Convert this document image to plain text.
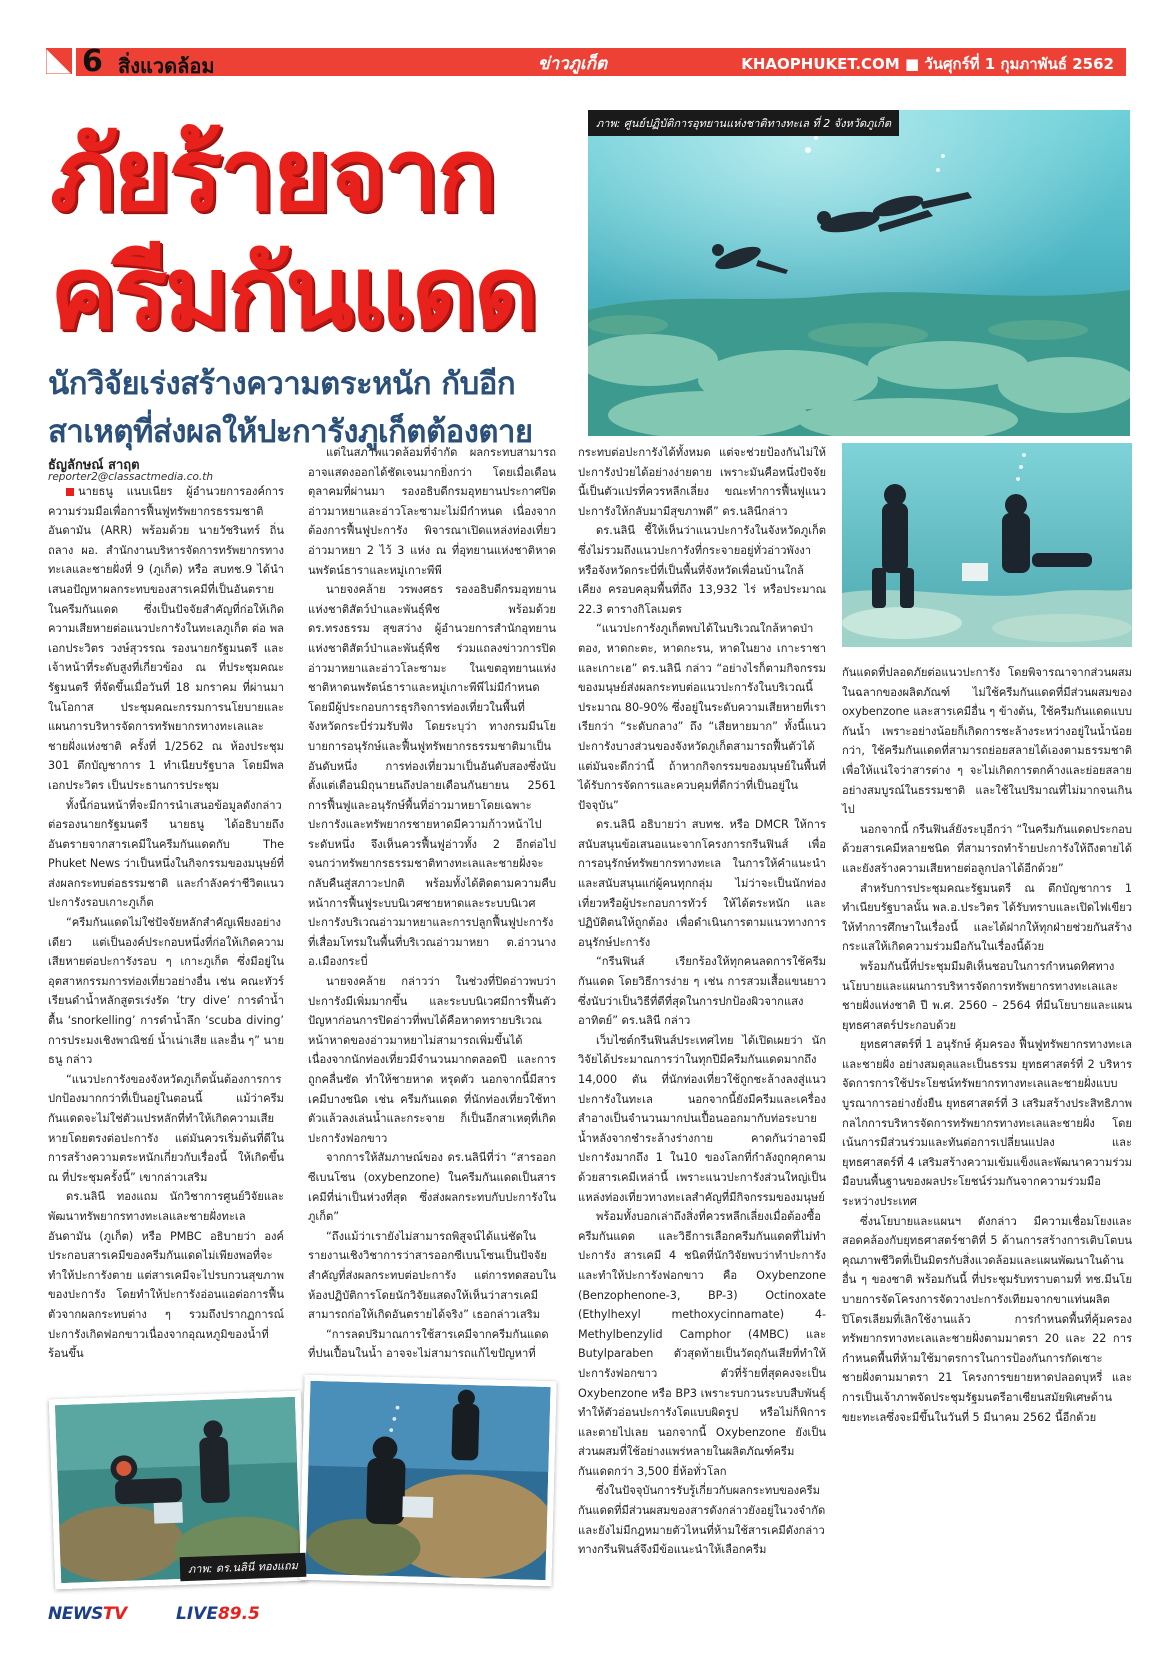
6 สิ่งแวดล้อม	ข่าวภูเก็ต	KHAOPHUKET.COM ■ วันศุกร์ที่ 1 กุมภาพันธ์ 2562
ภัยร้ายจาก
ครีมกันแดด
นักวิจัยเร่งสร้างความตระหนัก กับอีก
สาเหตุที่ส่งผลให้ปะการังภูเก็ตต้องตาย
ภาพ: ศูนย์ปฏิบัติการอุทยานแห่งชาติทางทะเล ที่ 2 จังหวัดภูเก็ต
ธัญลักษณ์ สาฤต
reporter2@classactmedia.co.th

นายธนู แนบเนียร ผู้อำนวยการองค์การความร่วมมือเพื่อการฟื้นฟูทรัพยากรธรรมชาติอันดามัน (ARR) พร้อมด้วย นายวัชรินทร์ ถิ่นถลาง ผอ. สำนักงานบริหารจัดการทรัพยากรทางทะเลและชายฝั่งที่ 9 (ภูเก็ต) หรือ สบทช.9 ได้นำเสนอปัญหาผลกระทบของสารเคมีที่เป็นอันตรายในครีมกันแดด ซึ่งเป็นปัจจัยสำคัญที่ก่อให้เกิดความเสียหายต่อแนวปะการังในทะเลภูเก็ต ต่อ พลเอกประวิตร วงษ์สุวรรณ รองนายกรัฐมนตรี และเจ้าหน้าที่ระดับสูงที่เกี่ยวข้อง ณ ที่ประชุมคณะรัฐมนตรี ที่จัดขึ้นเมื่อวันที่ 18 มกราคม ที่ผ่านมาในโอกาส ประชุมคณะกรรมการนโยบายและแผนการบริหารจัดการทรัพยากรทางทะเลและชายฝั่งแห่งชาติ ครั้งที่ 1/2562 ณ ห้องประชุม 301 ตึกบัญชาการ 1 ทำเนียบรัฐบาล โดยมีพลเอกประวิตร เป็นประธานการประชุม

ทั้งนี้ก่อนหน้าที่จะมีการนำเสนอข้อมูลดังกล่าวต่อรองนายกรัฐมนตรี นายธนู ได้อธิบายถึงอันตรายจากสารเคมีในครีมกันแดดกับ The Phuket News ว่าเป็นหนึ่งในกิจกรรมของมนุษย์ที่ส่งผลกระทบต่อธรรมชาติ และกำลังคร่าชีวิตแนวปะการังรอบเกาะภูเก็ต

“ครีมกันแดดไม่ใช่ปัจจัยหลักสำคัญเพียงอย่างเดียว แต่เป็นองค์ประกอบหนึ่งที่ก่อให้เกิดความเสียหายต่อปะการังรอบ ๆ เกาะภูเก็ต ซึ่งมีอยู่ในอุตสาหกรรมการท่องเที่ยวอย่างอื่น เช่น คณะทัวร์เรียนดำน้ำหลักสูตรเร่งรัด ‘try dive’ การดำน้ำตื้น ‘snorkelling’ การดำน้ำลึก ‘scuba diving’ การประมงเชิงพาณิชย์ น้ำเน่าเสีย และอื่น ๆ” นายธนู กล่าว

“แนวปะการังของจังหวัดภูเก็ตนั้นต้องการการปกป้องมากกว่าที่เป็นอยู่ในตอนนี้ แม้ว่าครีมกันแดดจะไม่ใช่ตัวแปรหลักที่ทำให้เกิดความเสียหายโดยตรงต่อปะการัง แต่มันควรเริ่มต้นที่ดีในการสร้างความตระหนักเกี่ยวกับเรื่องนี้ ให้เกิดขึ้น ณ ที่ประชุมครั้งนี้” เขากล่าวเสริม

ดร.นลินี ทองแถม นักวิชาการศูนย์วิจัยและพัฒนาทรัพยากรทางทะเลและชายฝั่งทะเลอันดามัน (ภูเก็ต) หรือ PMBC อธิบายว่า องค์ประกอบสารเคมีของครีมกันแดดไม่เพียงพอที่จะทำให้ปะการังตาย แต่สารเคมีจะไปรบกวนสุขภาพของปะการัง โดยทำให้ปะการังอ่อนแอต่อการฟื้นตัวจากผลกระทบต่าง ๆ รวมถึงปรากฏการณ์ปะการังเกิดฟอกขาวเนื่องจากอุณหภูมิของน้ำที่ร้อนขึ้น

แต่ในสภาพแวดล้อมที่จำกัด ผลกระทบสามารถอาจแสดงออกได้ชัดเจนมากยิ่งกว่า โดยเมื่อเดือนตุลาคมที่ผ่านมา รองอธิบดีกรมอุทยานประกาศปิดอ่าวมาหยาและอ่าวโละซามะไม่มีกำหนด เนื่องจากต้องการฟื้นฟูปะการัง พิจารณาเปิดแหล่งท่องเที่ยวอ่าวมาหยา 2 ไว้ 3 แห่ง ณ ที่อุทยานแห่งชาติหาดนพรัตน์ธาราและหมู่เกาะพีพี

นายจงคล้าย วรพงศธร รองอธิบดีกรมอุทยานแห่งชาติสัตว์ป่าและพันธุ์พืช พร้อมด้วย ดร.ทรงธรรม สุขสว่าง ผู้อำนวยการสำนักอุทยานแห่งชาติสัตว์ป่าและพันธุ์พืช ร่วมแถลงข่าวการปิดอ่าวมาหยาและอ่าวโละซามะ ในเขตอุทยานแห่งชาติหาดนพรัตน์ธาราและหมู่เกาะพีพีไม่มีกำหนด โดยมีผู้ประกอบการธุรกิจการท่องเที่ยวในพื้นที่จังหวัดกระบี่ร่วมรับฟัง โดยระบุว่า ทางกรมมีนโยบายการอนุรักษ์และฟื้นฟูทรัพยากรธรรมชาติมาเป็นอันดับหนึ่ง การท่องเที่ยวมาเป็นอันดับสองซึ่งนับตั้งแต่เดือนมิถุนายนถึงปลายเดือนกันยายน 2561 การฟื้นฟูและอนุรักษ์พื้นที่อ่าวมาหยาโดยเฉพาะปะการังและทรัพยากรชายหาดมีความก้าวหน้าไประดับหนึ่ง จึงเห็นควรฟื้นฟูอ่าวทั้ง 2 อีกต่อไป จนกว่าทรัพยากรธรรมชาติทางทะเลและชายฝั่งจะกลับคืนสู่สภาวะปกติ พร้อมทั้งได้ติดตามความคืบหน้าการฟื้นฟูระบบนิเวศชายหาดและระบบนิเวศปะการังบริเวณอ่าวมาหยาและการปลูกฟื้นฟูปะการังที่เสื่อมโทรมในพื้นที่บริเวณอ่าวมาหยา ต.อ่าวนาง อ.เมืองกระบี่

นายจงคล้าย กล่าวว่า ในช่วงที่ปิดอ่าวพบว่าปะการังมีเพิ่มมากขึ้น และระบบนิเวศมีการฟื้นตัว ปัญหาก่อนการปิดอ่าวที่พบได้คือหาดทรายบริเวณหน้าหาดของอ่าวมาหยาไม่สามารถเพิ่มขึ้นได้ เนื่องจากนักท่องเที่ยวมีจำนวนมากตลอดปี และการถูกคลื่นซัด ทำให้ชายหาด หรุดตัว นอกจากนี้มีสารเคมีบางชนิด เช่น ครีมกันแดด ที่นักท่องเที่ยวใช้ทาตัวแล้วลงเล่นน้ำและกระจาย ก็เป็นอีกสาเหตุที่เกิดปะการังฟอกขาว

จากการให้สัมภาษณ์ของ ดร.นลินีที่ว่า “สารออกซีเบนโซน (oxybenzone) ในครีมกันแดดเป็นสารเคมีที่น่าเป็นห่วงที่สุด ซึ่งส่งผลกระทบกับปะการังในภูเก็ต”

“ถึงแม้ว่าเรายังไม่สามารถพิสูจน์ได้แน่ชัดในรายงานเชิงวิชาการว่าสารออกซีเบนโซนเป็นปัจจัยสำคัญที่ส่งผลกระทบต่อปะการัง แต่การทดสอบในห้องปฏิบัติการโดยนักวิจัยแสดงให้เห็นว่าสารเคมีสามารถก่อให้เกิดอันตรายได้จริง” เธอกล่าวเสริม

“การลดปริมาณการใช้สารเคมีจากครีมกันแดดที่ปนเปื้อนในน้ำ อาจจะไม่สามารถแก้ไขปัญหาที่

กระทบต่อปะการังได้ทั้งหมด แต่จะช่วยป้องกันไม่ให้ปะการังป่วยได้อย่างง่ายดาย เพราะมันคือหนึ่งปัจจัยนี้เป็นตัวแปรที่ควรหลีกเลี่ยง ขณะทำการฟื้นฟูแนวปะการังให้กลับมามีสุขภาพดี” ดร.นลินีกล่าว

ดร.นลินี ชี้ให้เห็นว่าแนวปะการังในจังหวัดภูเก็ตซึ่งไม่รวมถึงแนวปะการังที่กระจายอยู่ทั่วอ่าวพังงาหรือจังหวัดกระบี่ที่เป็นพื้นที่จังหวัดเพื่อนบ้านใกล้เคียง ครอบคลุมพื้นที่ถึง 13,932 ไร่ หรือประมาณ 22.3 ตารางกิโลเมตร

“แนวปะการังภูเก็ตพบได้ในบริเวณใกล้หาดป่าตอง, หาดกะตะ, หาดกะรน, หาดในยาง เกาะราชา และเกาะเฮ” ดร.นลินี กล่าว “อย่างไรก็ตามกิจกรรมของมนุษย์ส่งผลกระทบต่อแนวปะการังในบริเวณนี้ประมาณ 80-90% ซึ่งอยู่ในระดับความเสียหายที่เราเรียกว่า “ระดับกลาง” ถึง “เสียหายมาก” ทั้งนี้แนวปะการังบางส่วนของจังหวัดภูเก็ตสามารถฟื้นตัวได้ แต่มันจะดีกว่านี้ ถ้าหากกิจกรรมของมนุษย์ในพื้นที่ได้รับการจัดการและควบคุมที่ดีกว่าที่เป็นอยู่ในปัจจุบัน”

ดร.นลินี อธิบายว่า สบทช. หรือ DMCR ให้การสนับสนุนข้อเสนอแนะจากโครงการกรีนฟินส์ เพื่อการอนุรักษ์ทรัพยากรทางทะเล ในการให้คำแนะนำและสนับสนุนแก่ผู้คนทุกกลุ่ม ไม่ว่าจะเป็นนักท่องเที่ยวหรือผู้ประกอบการทัวร์ ให้ได้ตระหนัก และปฏิบัติตนให้ถูกต้อง เพื่อดำเนินการตามแนวทางการอนุรักษ์ปะการัง

“กรีนฟินส์ เรียกร้องให้ทุกคนลดการใช้ครีมกันแดด โดยวิธีการง่าย ๆ เช่น การสวมเสื้อแขนยาว ซึ่งนับว่าเป็นวิธีที่ดีที่สุดในการปกป้องผิวจากแสงอาทิตย์” ดร.นลินี กล่าว

เว็บไซต์กรีนฟินส์ประเทศไทย ได้เปิดเผยว่า นักวิจัยได้ประมาณการว่าในทุกปีมีครีมกันแดดมากถึง 14,000 ตัน ที่นักท่องเที่ยวใช้ถูกชะล้างลงสู่แนวปะการังในทะเล นอกจากนี้ยังมีครีมและเครื่องสำอางเป็นจำนวนมากปนเปื้อนออกมากับท่อระบายน้ำหลังจากชำระล้างร่างกาย คาดกันว่าอาจมีปะการังมากถึง 1 ใน10 ของโลกที่กำลังถูกคุกคามด้วยสารเคมีเหล่านี้ เพราะแนวปะการังส่วนใหญ่เป็นแหล่งท่องเที่ยวทางทะเลสำคัญที่มีกิจกรรมของมนุษย์

พร้อมทั้งบอกเล่าถึงสิ่งที่ควรหลีกเลี่ยงเมื่อต้องซื้อครีมกันแดด และวิธีการเลือกครีมกันแดดที่ไม่ทำปะการัง สารเคมี 4 ชนิดที่นักวิจัยพบว่าทำปะการังและทำให้ปะการังฟอกขาว คือ Oxybenzone (Benzophenone-3, BP-3) Octinoxate (Ethylhexyl methoxycinnamate) 4-Methylbenzylid Camphor (4MBC) และ Butylparaben ตัวสุดท้ายเป็นวัตถุกันเสียที่ทำให้ปะการังฟอกขาว ตัวที่ร้ายที่สุดคงจะเป็น Oxybenzone หรือ BP3 เพราะรบกวนระบบสืบพันธุ์ ทำให้ตัวอ่อนปะการังโตแบบผิดรูป หรือไม่ก็พิการและตายไปเลย นอกจากนี้ Oxybenzone ยังเป็นส่วนผสมที่ใช้อย่างแพร่หลายในผลิตภัณฑ์ครีมกันแดดกว่า 3,500 ยี่ห้อทั่วโลก

ซึ่งในปัจจุบันการรับรู้เกี่ยวกับผลกระทบของครีมกันแดดที่มีส่วนผสมของสารดังกล่าวยังอยู่ในวงจำกัด และยังไม่มีกฎหมายตัวไหนที่ห้ามใช้สารเคมีดังกล่าว ทางกรีนฟินส์จึงมีข้อแนะนำให้เลือกครีม

กันแดดที่ปลอดภัยต่อแนวปะการัง โดยพิจารณาจากส่วนผสมในฉลากของผลิตภัณฑ์ ไม่ใช้ครีมกันแดดที่มีส่วนผสมของ oxybenzone และสารเคมีอื่น ๆ ข้างต้น, ใช้ครีมกันแดดแบบกันน้ำ เพราะอย่างน้อยก็เกิดการชะล้างระหว่างอยู่ในน้ำน้อยกว่า, ใช้ครีมกันแดดที่สามารถย่อยสลายได้เองตามธรรมชาติ เพื่อให้แน่ใจว่าสารต่าง ๆ จะไม่เกิดการตกค้างและย่อยสลายอย่างสมบูรณ์ในธรรมชาติ และใช้ในปริมาณที่ไม่มากจนเกินไป

นอกจากนี้ กรีนฟินส์ยังระบุอีกว่า “ในครีมกันแดดประกอบด้วยสารเคมีหลายชนิด ที่สามารถทำร้ายปะการังให้ถึงตายได้ และยังสร้างความเสียหายต่อลูกปลาได้อีกด้วย”

สำหรับการประชุมคณะรัฐมนตรี ณ ตึกบัญชาการ 1 ทำเนียบรัฐบาลนั้น พล.อ.ประวิตร ได้รับทราบและเปิดไฟเขียวให้ทำการศึกษาในเรื่องนี้ และได้ฝากให้ทุกฝ่ายช่วยกันสร้างกระแสให้เกิดความร่วมมือกันในเรื่องนี้ด้วย

พร้อมกันนี้ที่ประชุมมีมติเห็นชอบในการกำหนดทิศทางนโยบายและแผนการบริหารจัดการทรัพยากรทางทะเลและชายฝั่งแห่งชาติ ปี พ.ศ. 2560 – 2564 ที่มีนโยบายและแผนยุทธศาสตร์ประกอบด้วย

ยุทธศาสตร์ที่ 1 อนุรักษ์ คุ้มครอง ฟื้นฟูทรัพยากรทางทะเลและชายฝั่ง อย่างสมดุลและเป็นธรรม ยุทธศาสตร์ที่ 2 บริหารจัดการการใช้ประโยชน์ทรัพยากรทางทะเลและชายฝั่งแบบบูรณาการอย่างยั่งยืน ยุทธศาสตร์ที่ 3 เสริมสร้างประสิทธิภาพกลไกการบริหารจัดการทรัพยากรทางทะเลและชายฝั่ง โดยเน้นการมีส่วนร่วมและทันต่อการเปลี่ยนแปลง และยุทธศาสตร์ที่ 4 เสริมสร้างความเข้มแข็งและพัฒนาความร่วมมือบนพื้นฐานของผลประโยชน์ร่วมกันจากความร่วมมือระหว่างประเทศ

ซึ่งนโยบายและแผนฯ ดังกล่าว มีความเชื่อมโยงและสอดคล้องกับยุทธศาสตร์ชาติที่ 5 ด้านการสร้างการเติบโตบนคุณภาพชีวิตที่เป็นมิตรกับสิ่งแวดล้อมและแผนพัฒนาในด้านอื่น ๆ ของชาติ พร้อมกันนี้ ที่ประชุมรับทราบตามที่ ทช.มีนโยบายการจัดโครงการจัดวางปะการังเทียมจากขาแท่นผลิตปิโตรเลียมที่เลิกใช้งานแล้ว การกำหนดพื้นที่คุ้มครองทรัพยากรทางทะเลและชายฝั่งตามมาตรา 20 และ 22 การกำหนดพื้นที่ห้ามใช้มาตรการในการป้องกันการกัดเซาะชายฝั่งตามมาตรา 21 โครงการขยายหาดปลอดบุหรี่ และการเป็นเจ้าภาพจัดประชุมรัฐมนตรีอาเซียนสมัยพิเศษด้านขยะทะเลซึ่งจะมีขึ้นในวันที่ 5 มีนาคม 2562 นี้อีกด้วย

ภาพ: ดร.นลินี ทองแถม
NEWSTV	LIVE89.5
